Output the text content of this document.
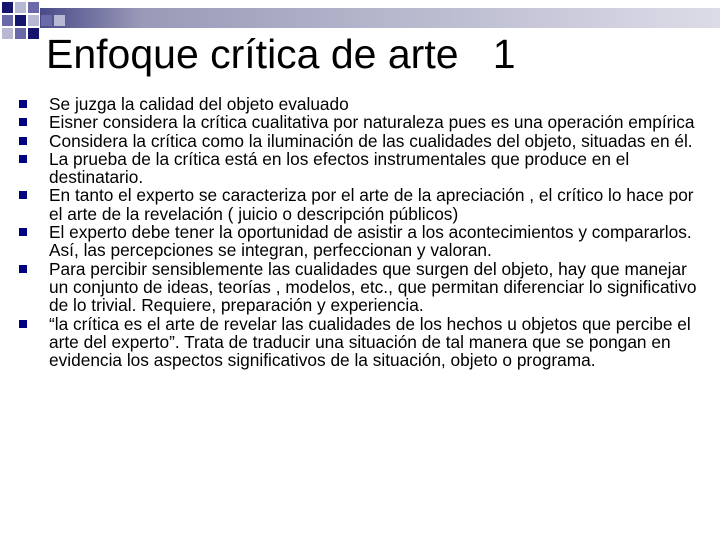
Enfoque crítica de arte   1
Se juzga la calidad del objeto evaluado
Eisner considera la crítica cualitativa por naturaleza pues es una operación empírica
Considera la crítica como la iluminación de las cualidades del objeto, situadas en él.
La prueba de la crítica está en los efectos instrumentales que produce en el destinatario.
En tanto el experto se caracteriza por el arte de la apreciación , el crítico lo hace por el arte de la revelación ( juicio o descripción públicos)
El experto debe tener la oportunidad de asistir a los acontecimientos y compararlos. Así, las percepciones se integran, perfeccionan y valoran.
Para percibir sensiblemente las cualidades que surgen del objeto, hay que manejar un conjunto de ideas, teorías , modelos, etc., que permitan diferenciar lo significativo de lo trivial. Requiere, preparación y experiencia.
“la crítica es el arte de revelar las cualidades de los hechos u objetos que percibe el arte del experto”. Trata de traducir una situación de tal manera que se pongan en evidencia los aspectos significativos de la situación, objeto o programa.
